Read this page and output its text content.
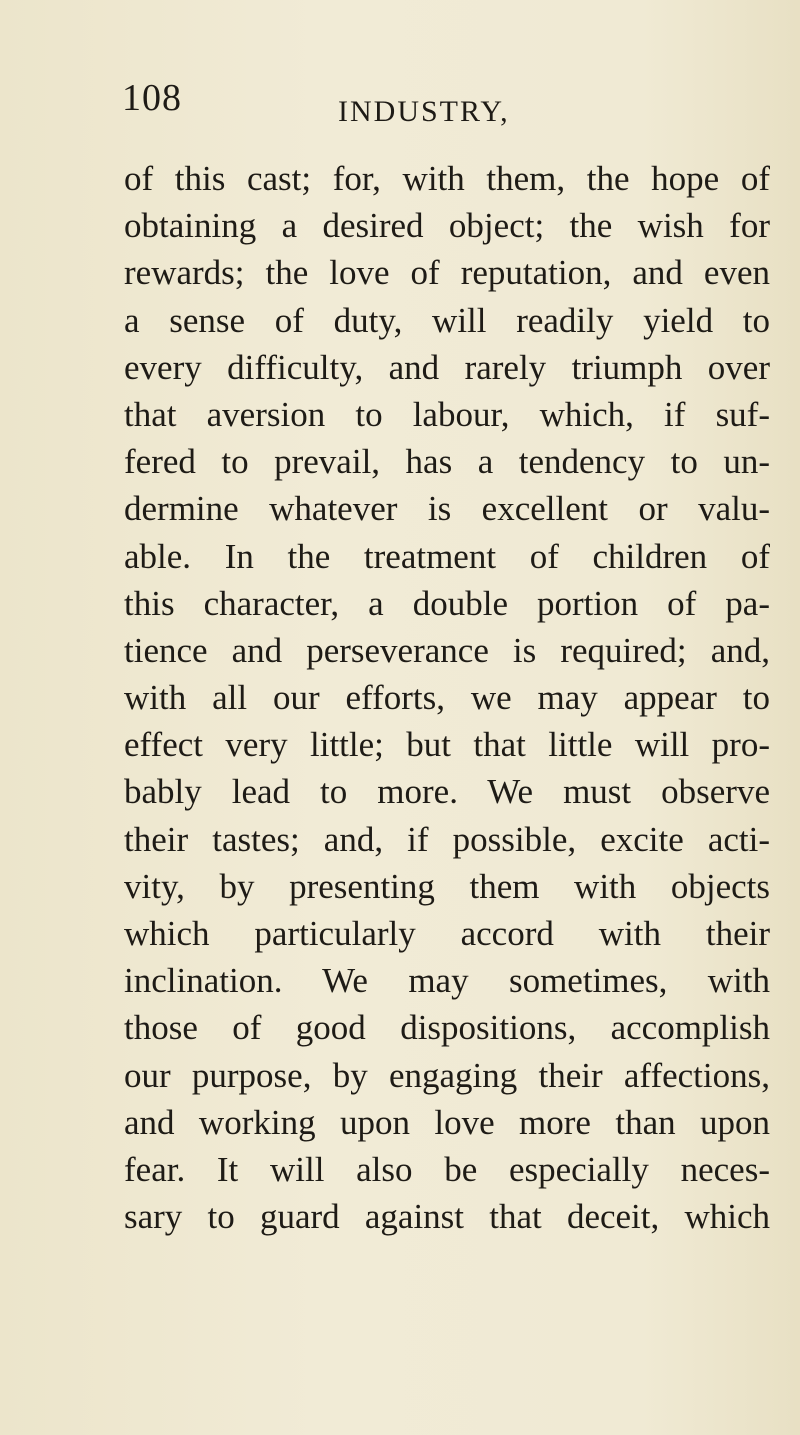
108	INDUSTRY,
of this cast; for, with them, the hope of
obtaining a desired object; the wish for
rewards; the love of reputation, and even
a sense of duty, will readily yield to
every difficulty, and rarely triumph over
that aversion to labour, which, if suf-
fered to prevail, has a tendency to un-
dermine whatever is excellent or valu-
able. In the treatment of children of
this character, a double portion of pa-
tience and perseverance is required; and,
with all our efforts, we may appear to
effect very little; but that little will pro-
bably lead to more. We must observe
their tastes; and, if possible, excite acti-
vity, by presenting them with objects
which particularly accord with their
inclination. We may sometimes, with
those of good dispositions, accomplish
our purpose, by engaging their affections,
and working upon love more than upon
fear. It will also be especially neces-
sary to guard against that deceit, which
